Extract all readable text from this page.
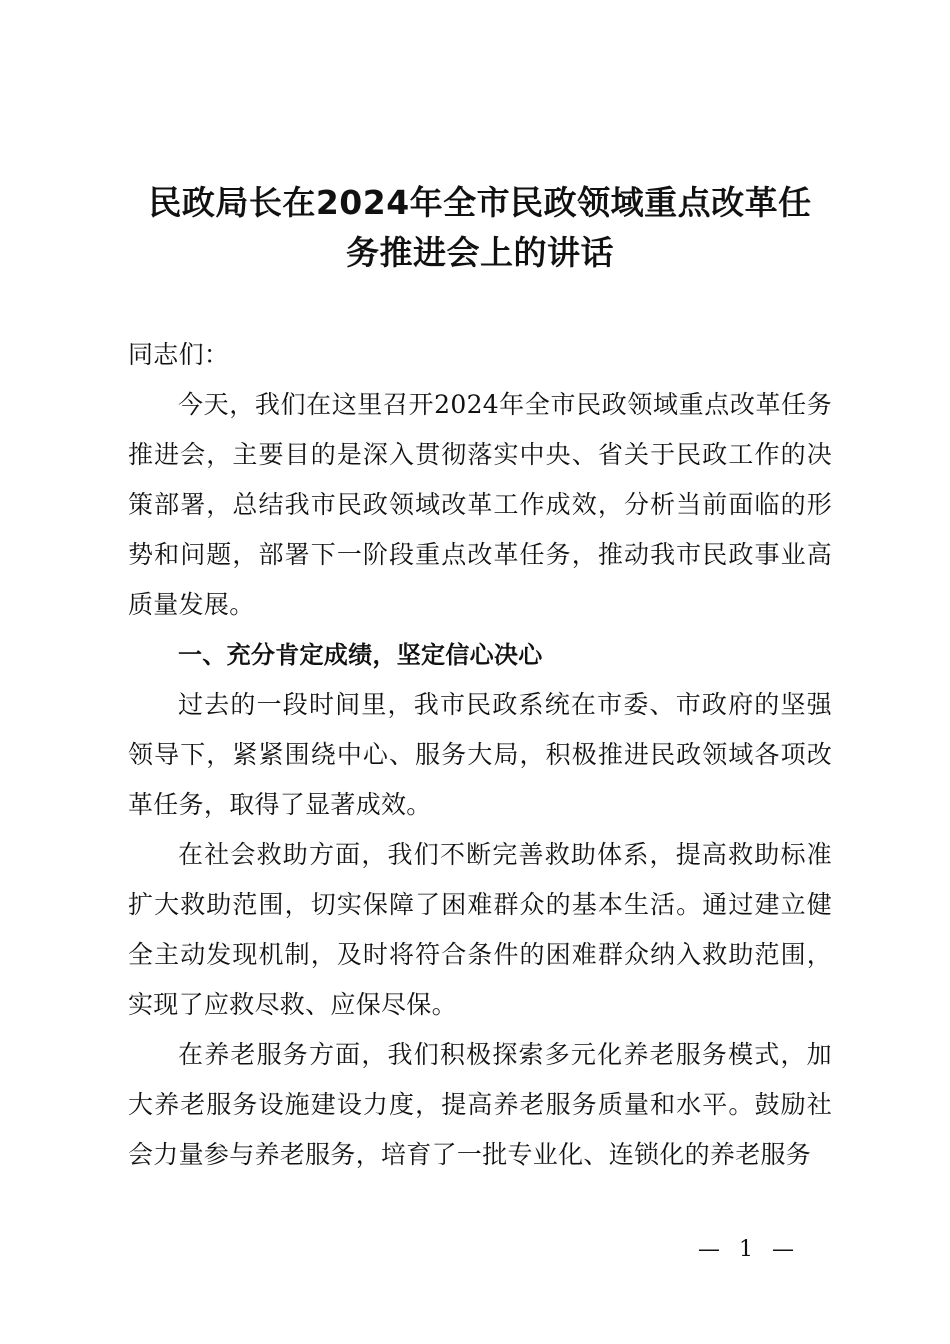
民政局长在2024年全市民政领域重点改革任
务推进会上的讲话

同志们：

今天，我们在这里召开2024年全市民政领域重点改革任务推进会，主要目的是深入贯彻落实中央、省关于民政工作的决策部署，总结我市民政领域改革工作成效，分析当前面临的形势和问题，部署下一阶段重点改革任务，推动我市民政事业高质量发展。

一、充分肯定成绩，坚定信心决心

过去的一段时间里，我市民政系统在市委、市政府的坚强领导下，紧紧围绕中心、服务大局，积极推进民政领域各项改革任务，取得了显著成效。

在社会救助方面，我们不断完善救助体系，提高救助标准扩大救助范围，切实保障了困难群众的基本生活。通过建立健全主动发现机制，及时将符合条件的困难群众纳入救助范围，实现了应救尽救、应保尽保。

在养老服务方面，我们积极探索多元化养老服务模式，加大养老服务设施建设力度，提高养老服务质量和水平。鼓励社会力量参与养老服务，培育了一批专业化、连锁化的养老服务

— 1 —
